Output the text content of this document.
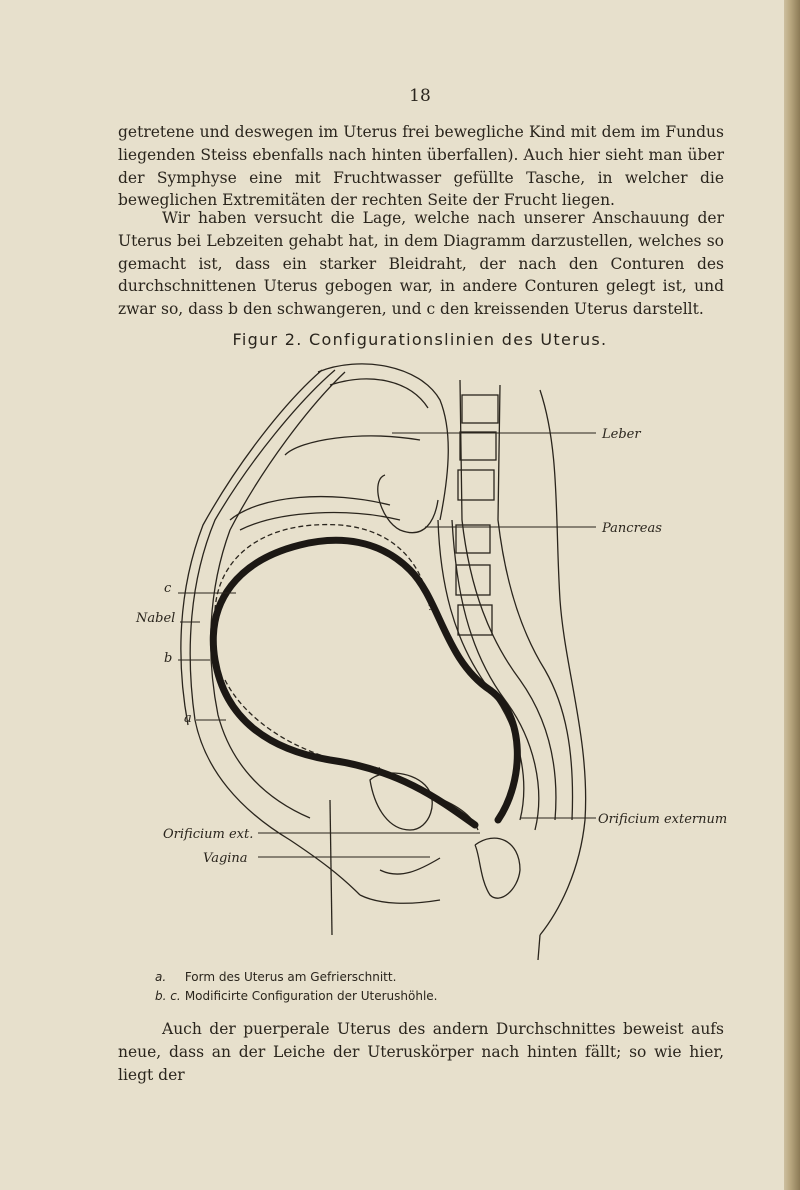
18

getretene und deswegen im Uterus frei bewegliche Kind mit dem im Fundus liegenden Steiss ebenfalls nach hinten überfallen). Auch hier sieht man über der Symphyse eine mit Fruchtwasser gefüllte Tasche, in welcher die beweglichen Extremitäten der rechten Seite der Frucht liegen.

Wir haben versucht die Lage, welche nach unserer Anschauung der Uterus bei Lebzeiten gehabt hat, in dem Diagramm darzustellen, welches so gemacht ist, dass ein starker Bleidraht, der nach den Conturen des durchschnittenen Uterus gebogen war, in andere Conturen gelegt ist, und zwar so, dass b den schwangeren, und c den kreissenden Uterus darstellt.

Figur 2. Configurationslinien des Uterus.
Leber
Pancreas
c
Nabel
b
a
Orificium ext.
Orificium externum
Vagina
a. Form des Uterus am Gefrierschnitt.
b. c. Modificirte Configuration der Uterushöhle.

Auch der puerperale Uterus des andern Durchschnittes beweist aufs neue, dass an der Leiche der Uteruskörper nach hinten fällt; so wie hier, liegt der
